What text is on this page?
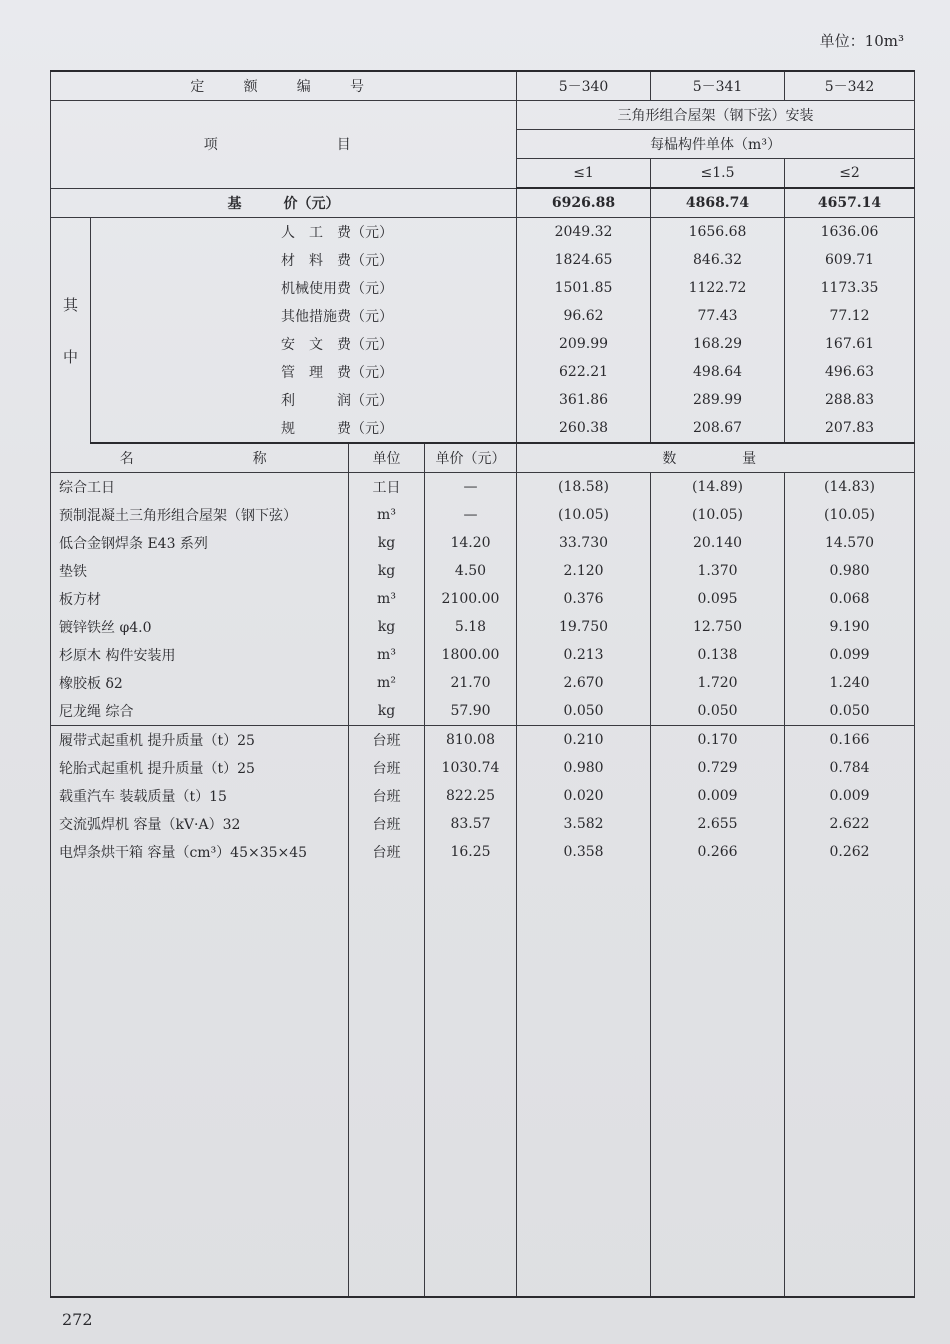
单位：10m³
定　额　编　号				5－340	5－341	5－342
项　　　　目				三角形组合屋架（钢下弦）安装		
				每榀构件单体（m³）		
				≤1	≤1.5	≤2
基　　　价（元）				6926.88	4868.74	4657.14
其
中	人　工　费（元）			2049.32	1656.68	1636.06
	材　料　费（元）			1824.65	846.32	609.71
	机械使用费（元）			1501.85	1122.72	1173.35
	其他措施费（元）			96.62	77.43	77.12
	安　文　费（元）			209.99	168.29	167.61
	管　理　费（元）			622.21	498.64	496.63
	利　　　润（元）			361.86	289.99	288.83
	规　　　费（元）			260.38	208.67	207.83
名　　　　称		单位	单价（元）	数　　量		
综合工日		工日	—	(18.58)	(14.89)	(14.83)
预制混凝土三角形组合屋架（钢下弦）		m³	—	(10.05)	(10.05)	(10.05)
低合金钢焊条 E43 系列		kg	14.20	33.730	20.140	14.570
垫铁		kg	4.50	2.120	1.370	0.980
板方材		m³	2100.00	0.376	0.095	0.068
镀锌铁丝 φ4.0		kg	5.18	19.750	12.750	9.190
杉原木 构件安装用		m³	1800.00	0.213	0.138	0.099
橡胶板 δ2		m²	21.70	2.670	1.720	1.240
尼龙绳 综合		kg	57.90	0.050	0.050	0.050
履带式起重机 提升质量（t）25		台班	810.08	0.210	0.170	0.166
轮胎式起重机 提升质量（t）25		台班	1030.74	0.980	0.729	0.784
载重汽车 装载质量（t）15		台班	822.25	0.020	0.009	0.009
交流弧焊机 容量（kV·A）32		台班	83.57	3.582	2.655	2.622
电焊条烘干箱 容量（cm³）45×35×45		台班	16.25	0.358	0.266	0.262

272
